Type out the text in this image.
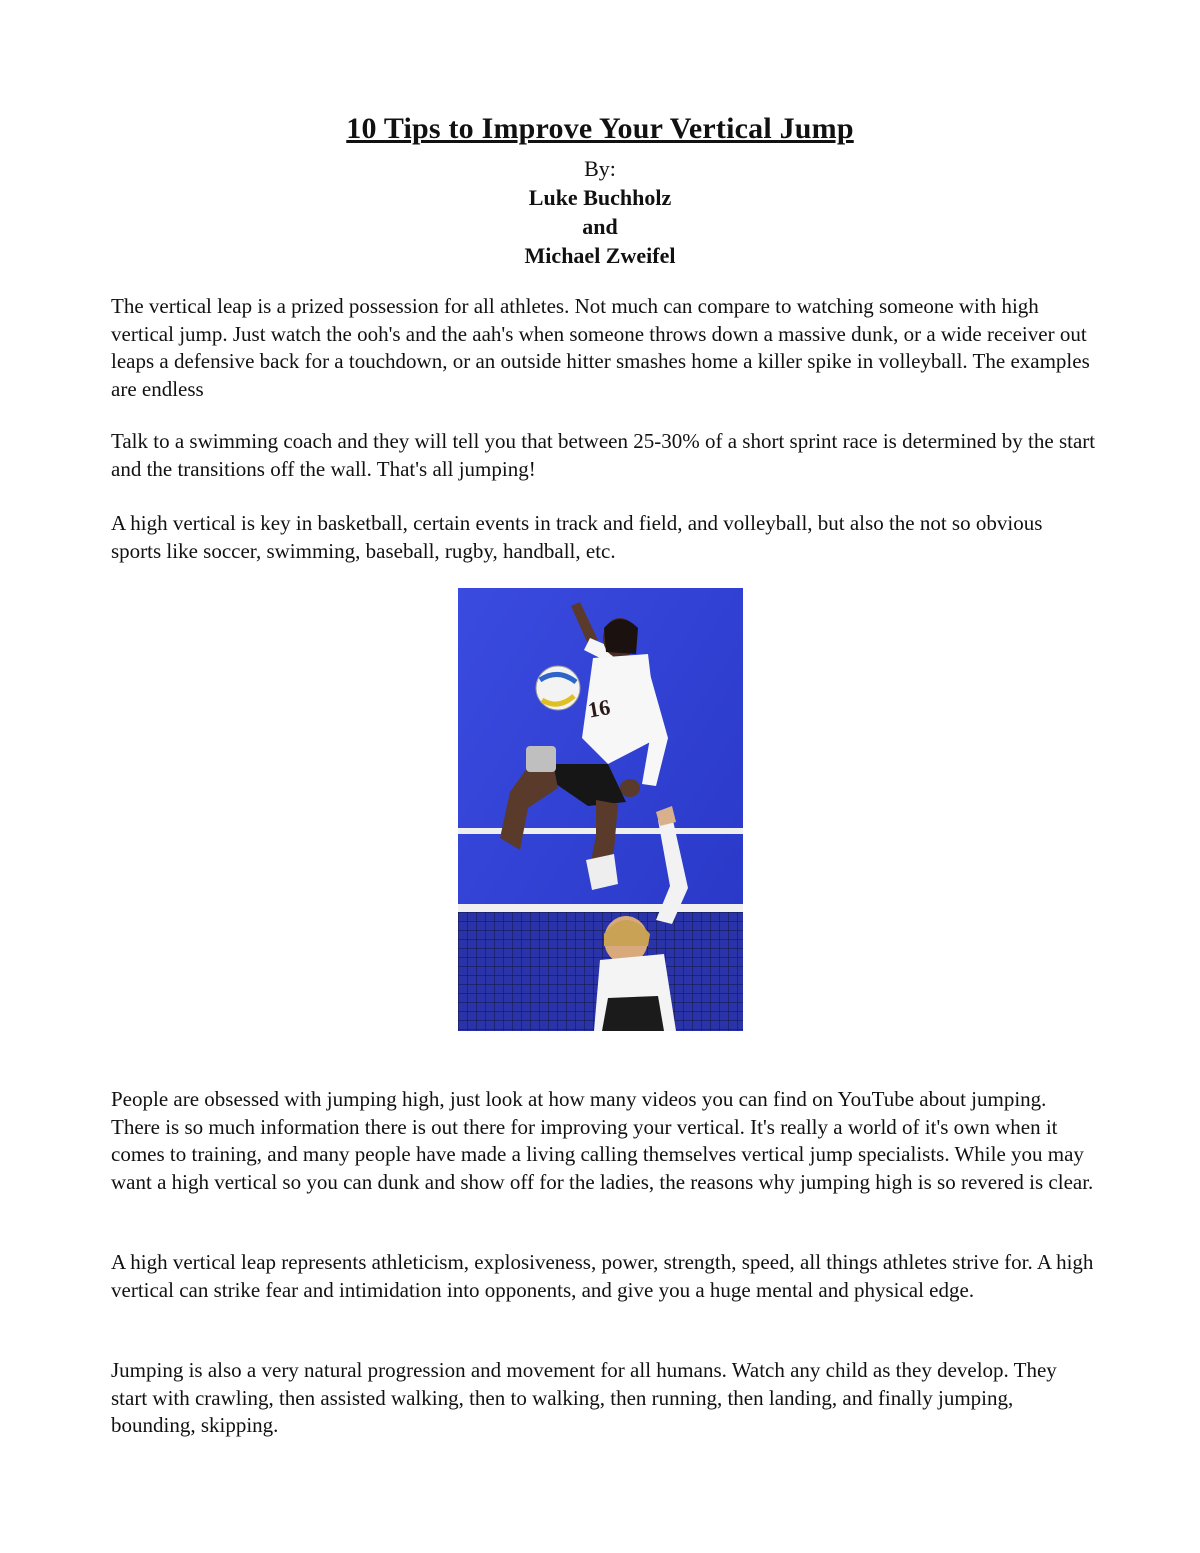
10 Tips to Improve Your Vertical Jump
By:
Luke Buchholz
and
Michael Zweifel

The vertical leap is a prized possession for all athletes. Not much can compare to watching someone with high vertical jump. Just watch the ooh's and the aah's when someone throws down a massive dunk, or a wide receiver out leaps a defensive back for a touchdown, or an outside hitter smashes home a killer spike in volleyball. The examples are endless

Talk to a swimming coach and they will tell you that between 25-30% of a short sprint race is determined by the start and the transitions off the wall. That's all jumping!

A high vertical is key in basketball, certain events in track and field, and volleyball, but also the not so obvious sports like soccer, swimming, baseball, rugby, handball, etc.

16

People are obsessed with jumping high, just look at how many videos you can find on YouTube about jumping. There is so much information there is out there for improving your vertical. It's really a world of it's own when it comes to training, and many people have made a living calling themselves vertical jump specialists. While you may want a high vertical so you can dunk and show off for the ladies, the reasons why jumping high is so revered is clear.

A high vertical leap represents athleticism, explosiveness, power, strength, speed, all things athletes strive for. A high vertical can strike fear and intimidation into opponents, and give you a huge mental and physical edge.

Jumping is also a very natural progression and movement for all humans. Watch any child as they develop. They start with crawling, then assisted walking, then to walking, then running, then landing, and finally jumping, bounding, skipping.
